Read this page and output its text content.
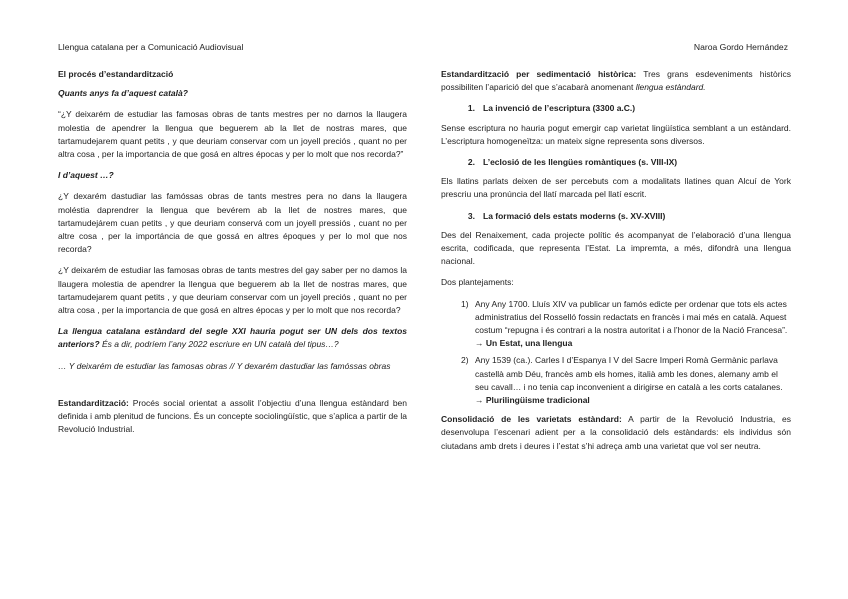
Llengua catalana per a Comunicació Audiovisual	Naroa Gordo Hernández

El procés d’estandardització

Quants anys fa d’aquest català?

“¿Y deixarém de estudiar las famosas obras de tants mestres per no darnos la llaugera molestia de apendrer la llengua que beguerem ab la llet de nostras mares, que tartamudejarem quant petits , y que deuriam conservar com un joyell preciós , quant no per altra cosa , per la importancia de que gosá en altres épocas y per lo molt que nos recorda?”

I d’aquest …?

¿Y dexarém dastudiar las famóssas obras de tants mestres pera no dans la llaugera moléstia daprendrer la llengua que bevérem ab la llet de nostres mares, que tartamudejárem cuan petits , y que deuriam conservá com un joyell pressiós , cuant no per altre cosa , per la importáncia de que gossá en altres époques y per lo mol que nos recorda?

¿Y deixarém de estudiar las famosas obras de tants mestres del gay saber per no damos la llaugera molestia de apendrer la llengua que beguerem ab la llet de nostras mares, que tartamudejarem quant petits , y que deuriam conservar com un joyell preciós , quant no per altra cosa , per la importancia de que gosá en altres épocas y per lo molt que nos recorda?

La llengua catalana estàndard del segle XXI hauria pogut ser UN dels dos textos anteriors? És a dir, podríem l’any 2022 escriure en UN català del tipus…?

… Y deixarém de estudiar las famosas obras // Y dexarém dastudiar las famóssas obras

Estandardització: Procés social orientat a assolit l’objectiu d’una llengua estàndard ben definida i amb plenitud de funcions. És un concepte sociolingüístic, que s’aplica a partir de la Revolució Industrial.

Estandardització per sedimentació històrica: Tres grans esdeveniments històrics possibiliten l’aparició del que s’acabarà anomenant llengua estàndard.

1. La invenció de l’escriptura (3300 a.C.)

Sense escriptura no hauria pogut emergir cap varietat lingüística semblant a un estàndard. L’escriptura homogeneïtza: un mateix signe representa sons diversos.

2. L’eclosió de les llengües romàntiques (s. VIII-IX)

Els llatins parlats deixen de ser percebuts com a modalitats llatines quan Alcuí de York prescriu una pronúncia del llatí marcada pel llatí escrit.

3. La formació dels estats moderns (s. XV-XVIII)

Des del Renaixement, cada projecte polític és acompanyat de l’elaboració d’una llengua escrita, codificada, que representa l’Estat. La impremta, a més, difondrà una llengua nacional.

Dos plantejaments:

1) Any Any 1700. Lluís XIV va publicar un famós edicte per ordenar que tots els actes administratius del Rosselló fossin redactats en francès i mai més en català. Aquest costum “repugna i és contrari a la nostra autoritat i a l’honor de la Nació Francesa”. → Un Estat, una llengua
2) Any 1539 (ca.). Carles I d’Espanya I V del Sacre Imperi Romà Germànic parlava castellà amb Déu, francès amb els homes, italià amb les dones, alemany amb el seu cavall… i no tenia cap inconvenient a dirigirse en català a les corts catalanes. → Plurilingüisme tradicional

Consolidació de les varietats estàndard: A partir de la Revolució Industria, es desenvolupa l’escenari adient per a la consolidació dels estàndards: els individus són ciutadans amb drets i deures i l’estat s’hi adreça amb una varietat que vol ser neutra.
